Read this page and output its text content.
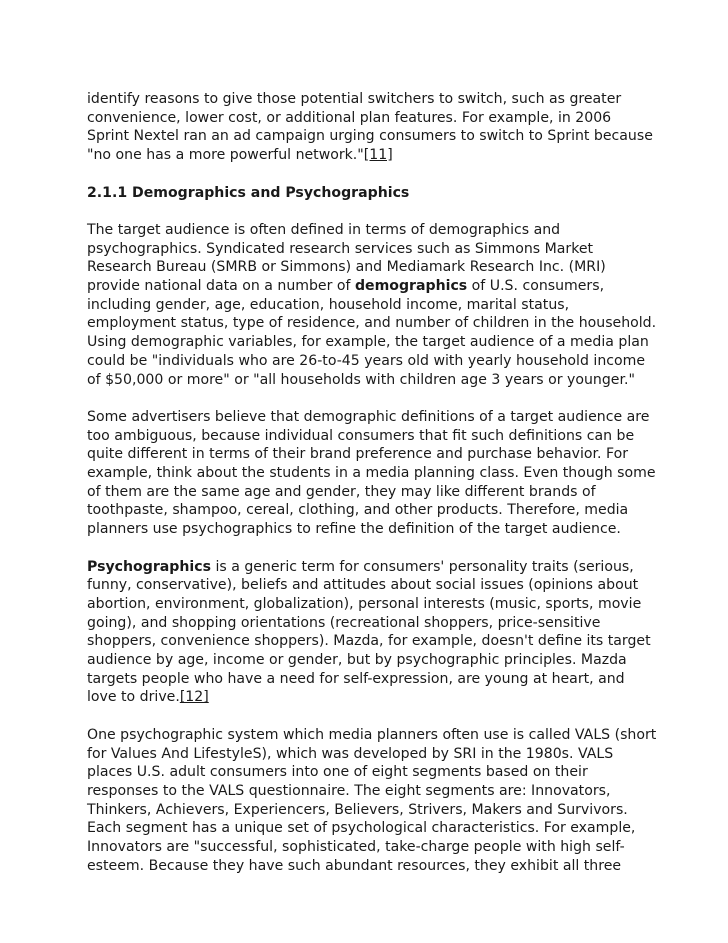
identify reasons to give those potential switchers to switch, such as greater convenience, lower cost, or additional plan features. For example, in 2006 Sprint Nextel ran an ad campaign urging consumers to switch to Sprint because "no one has a more powerful network."[11]

2.1.1 Demographics and Psychographics

The target audience is often defined in terms of demographics and psychographics. Syndicated research services such as Simmons Market Research Bureau (SMRB or Simmons) and Mediamark Research Inc. (MRI) provide national data on a number of demographics of U.S. consumers, including gender, age, education, household income, marital status, employment status, type of residence, and number of children in the household. Using demographic variables, for example, the target audience of a media plan could be "individuals who are 26-to-45 years old with yearly household income of $50,000 or more" or "all households with children age 3 years or younger."

Some advertisers believe that demographic definitions of a target audience are too ambiguous, because individual consumers that fit such definitions can be quite different in terms of their brand preference and purchase behavior. For example, think about the students in a media planning class. Even though some of them are the same age and gender, they may like different brands of toothpaste, shampoo, cereal, clothing, and other products. Therefore, media planners use psychographics to refine the definition of the target audience.

Psychographics is a generic term for consumers' personality traits (serious, funny, conservative), beliefs and attitudes about social issues (opinions about abortion, environment, globalization), personal interests (music, sports, movie going), and shopping orientations (recreational shoppers, price-sensitive shoppers, convenience shoppers). Mazda, for example, doesn't define its target audience by age, income or gender, but by psychographic principles. Mazda targets people who have a need for self-expression, are young at heart, and love to drive.[12]

One psychographic system which media planners often use is called VALS (short for Values And LifestyleS), which was developed by SRI in the 1980s. VALS places U.S. adult consumers into one of eight segments based on their responses to the VALS questionnaire. The eight segments are: Innovators, Thinkers, Achievers, Experiencers, Believers, Strivers, Makers and Survivors. Each segment has a unique set of psychological characteristics. For example, Innovators are "successful, sophisticated, take-charge people with high self-esteem. Because they have such abundant resources, they exhibit all three
